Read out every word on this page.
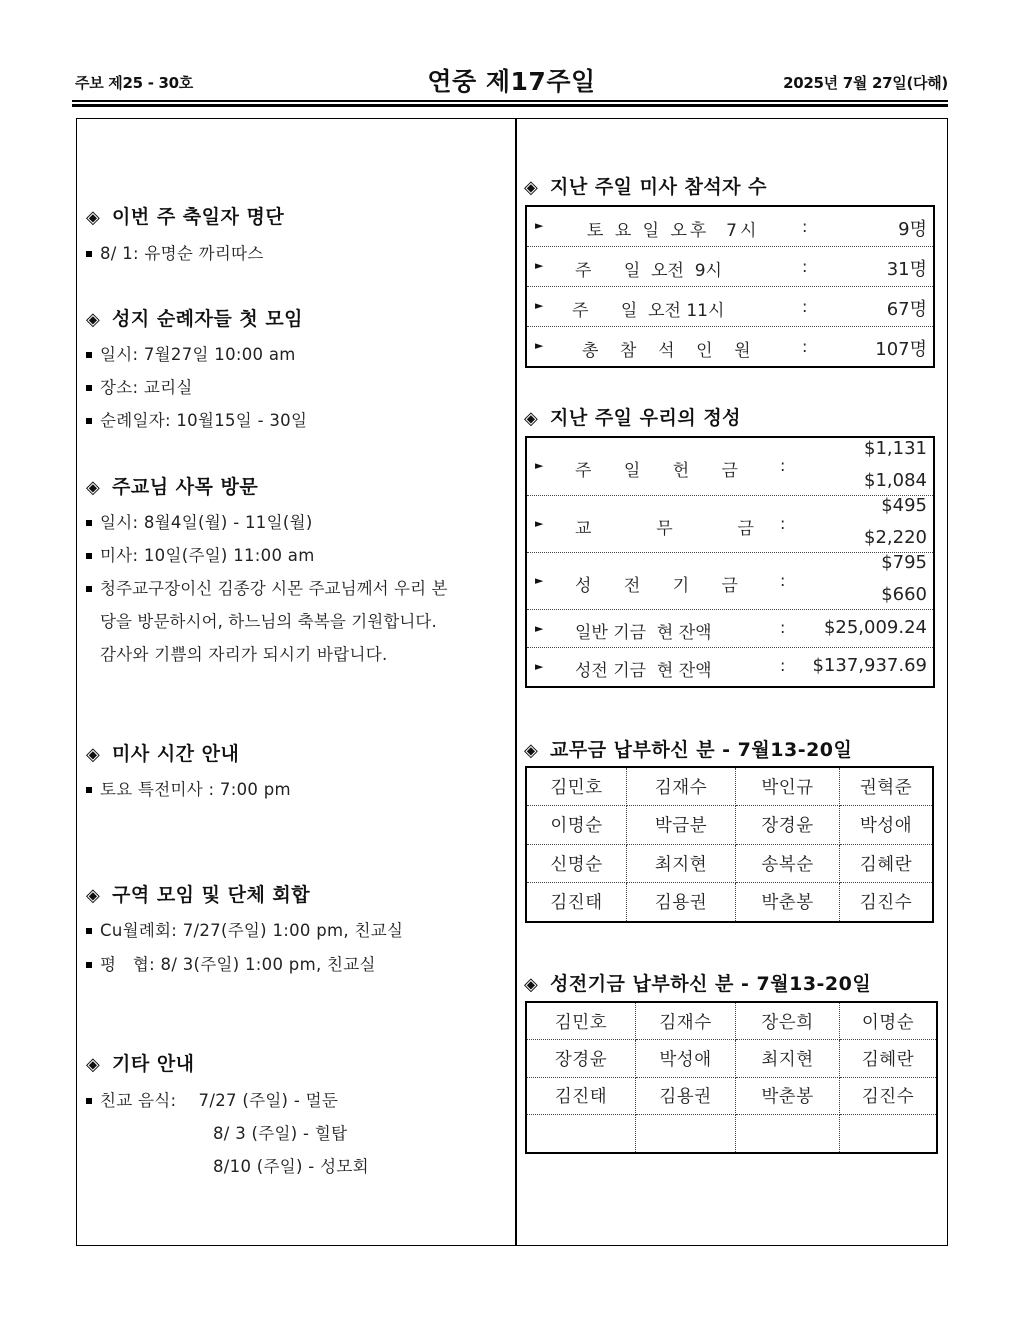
주보 제25 - 30호	연중 제17주일	2025년 7월 27일(다해)
◈ 이번 주 축일자 명단
8/ 1: 유명순 까리따스
◈ 성지 순례자들 첫 모임
일시: 7월27일 10:00 am
장소: 교리실
순례일자: 10월15일 - 30일
◈ 주교님 사목 방문
일시: 8월4일(월) - 11일(월)
미사: 10일(주일) 11:00 am
청주교구장이신 김종강 시몬 주교님께서 우리 본
당을 방문하시어, 하느님의 축복을 기원합니다.
감사와 기쁨의 자리가 되시기 바랍니다.
◈ 미사 시간 안내
토요 특전미사 : 7:00 pm
◈ 구역 모임 및 단체 회합
Cu월례회: 7/27(주일) 1:00 pm, 친교실
평   협: 8/ 3(주일) 1:00 pm, 친교실
◈ 기타 안내
친교 음식:    7/27 (주일) - 멀둔
8/ 3 (주일) - 힐탑
8/10 (주일) - 성모회
◈ 지난 주일 미사 참석자 수
►	토 요 일 오후  7시	:	9명
► 주      일  오전  9시	:	31명
► 주      일  오전 11시	:	67명
► 총    참    석    인    원	:	107명
◈ 지난 주일 우리의 정성
► 주      일      헌      금	:
$1,131
$1,084
► 교            무            금 :
$495
$2,220
► 성      전      기      금	:
$795
$660
► 일반 기금  현 잔액	: $25,009.24
► 성전 기금  현 잔액	: $137,937.69
◈ 교무금 납부하신 분 - 7월13-20일
김민호	김재수	박인규	권혁준
이명순	박금분	장경윤	박성애
신명순	최지현	송복순	김혜란
김진태	김용권	박춘봉	김진수
◈ 성전기금 납부하신 분 - 7월13-20일
김민호	김재수	장은희	이명순
장경윤	박성애	최지현	김혜란
김진태	김용권	박춘봉	김진수
